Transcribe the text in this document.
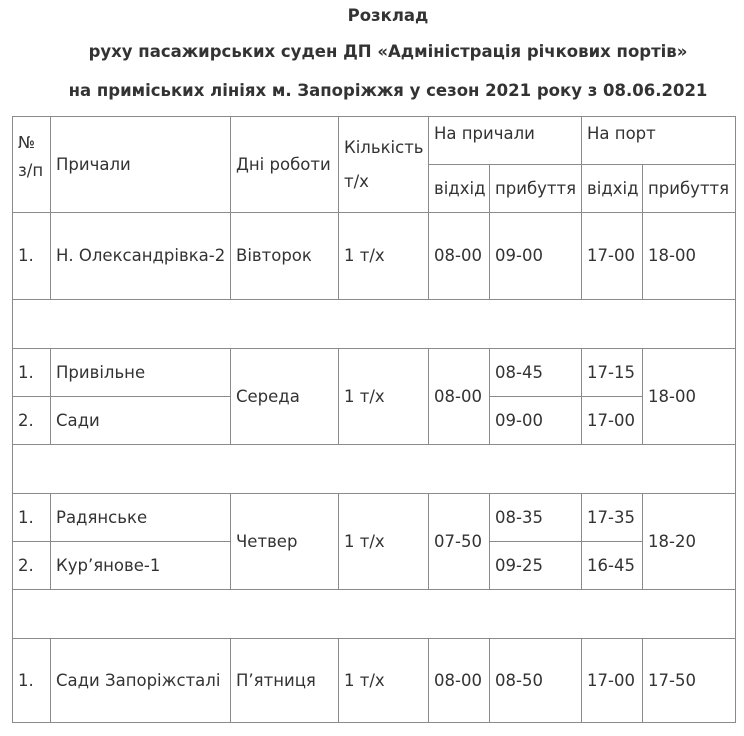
Розклад
руху пасажирських суден ДП «Адміністрація річкових портів»
на приміських лініях м. Запоріжжя у сезон 2021 року з 08.06.2021
№ з/п	Причали	Дні роботи	Кількість т/х	На причали		На порт	
				відхід	прибуття	відхід	прибуття
1.	Н. Олександрівка-2	Вівторок	1 т/х	08-00	09-00	17-00	18-00

1.	Привільне	Середа	1 т/х	08-00	08-45	17-15	18-00
2.	Сади				09-00	17-00	

1.	Радянське	Четвер	1 т/х	07-50	08-35	17-35	18-20
2.	Кур’янове-1				09-25	16-45	

1.	Сади Запоріжсталі	П’ятниця	1 т/х	08-00	08-50	17-00	17-50
